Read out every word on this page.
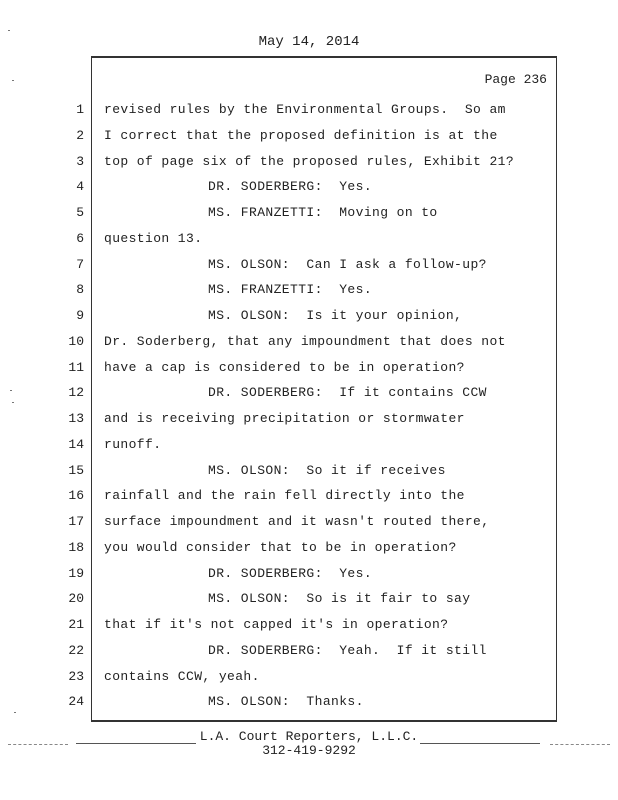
May 14, 2014
Page 236
1 revised rules by the Environmental Groups.  So am
2 I correct that the proposed definition is at the
3 top of page six of the proposed rules, Exhibit 21?
4	DR. SODERBERG:  Yes.
5	MS. FRANZETTI:  Moving on to
6 question 13.
7	MS. OLSON:  Can I ask a follow-up?
8	MS. FRANZETTI:  Yes.
9	MS. OLSON:  Is it your opinion,
10 Dr. Soderberg, that any impoundment that does not
11 have a cap is considered to be in operation?
12	DR. SODERBERG:  If it contains CCW
13 and is receiving precipitation or stormwater
14 runoff.
15	MS. OLSON:  So it if receives
16 rainfall and the rain fell directly into the
17 surface impoundment and it wasn't routed there,
18 you would consider that to be in operation?
19	DR. SODERBERG:  Yes.
20	MS. OLSON:  So is it fair to say
21 that if it's not capped it's in operation?
22	DR. SODERBERG:  Yeah.  If it still
23 contains CCW, yeah.
24	MS. OLSON:  Thanks.
L.A. Court Reporters, L.L.C.
312-419-9292
